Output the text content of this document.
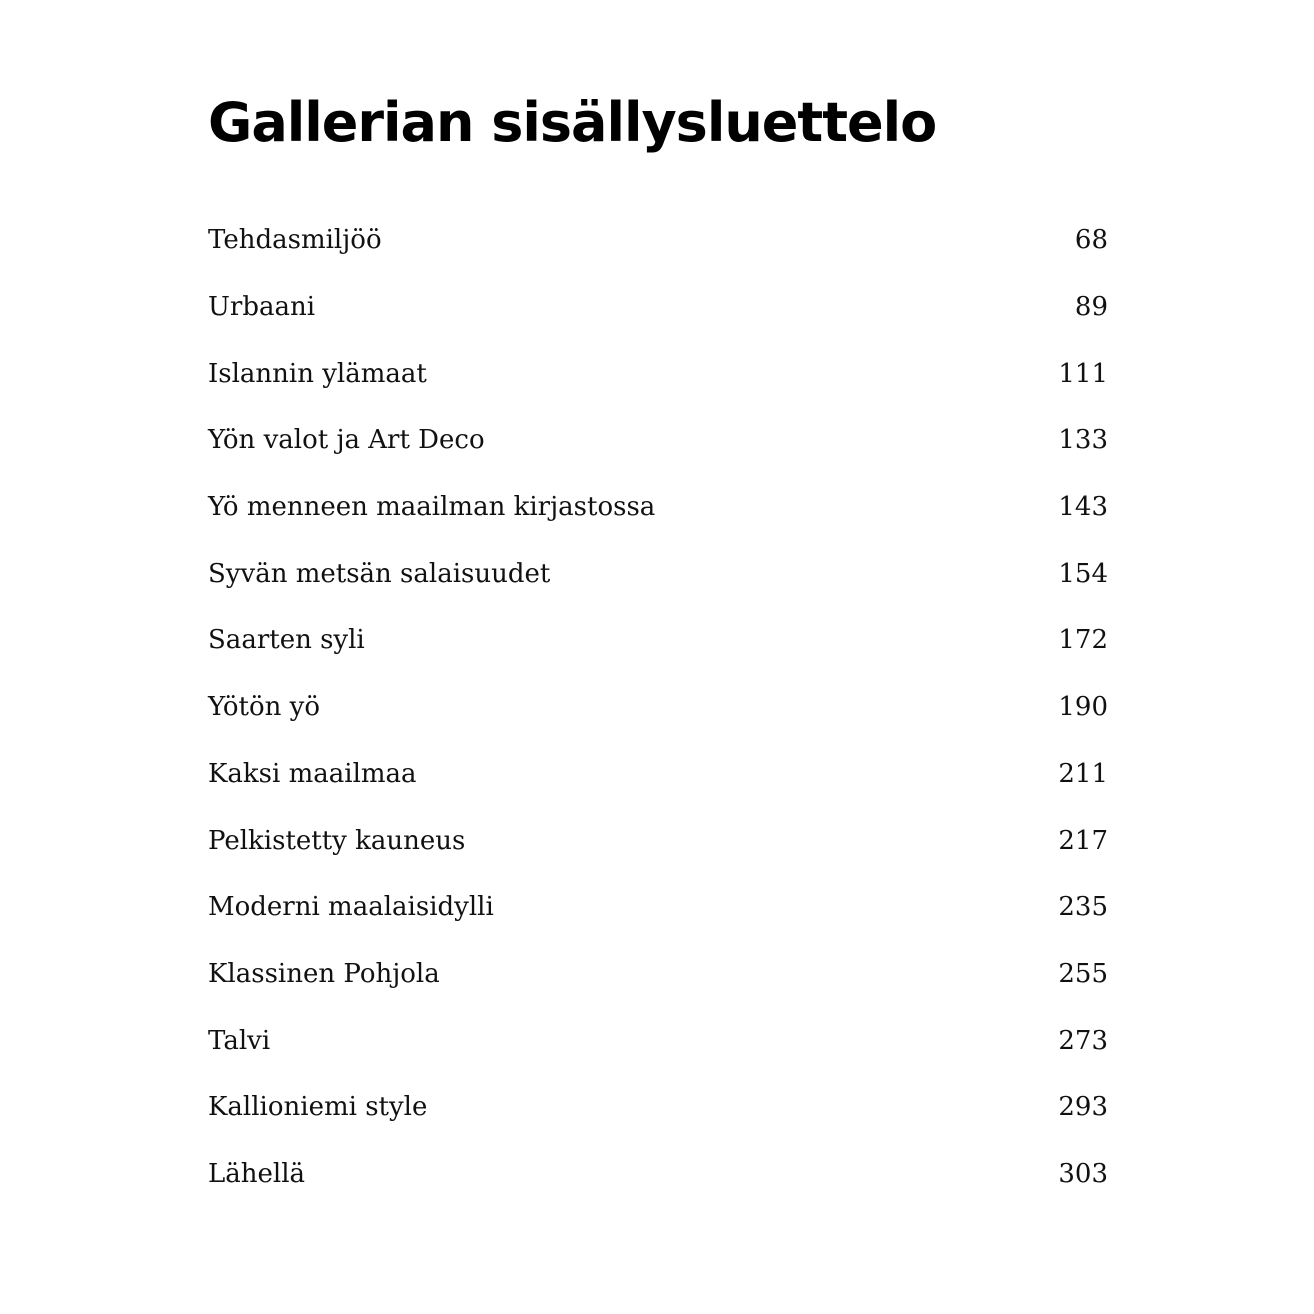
Gallerian sisällysluettelo
Tehdasmiljöö	68
Urbaani	89
Islannin ylämaat	111
Yön valot ja Art Deco	133
Yö menneen maailman kirjastossa	143
Syvän metsän salaisuudet	154
Saarten syli	172
Yötön yö	190
Kaksi maailmaa	211
Pelkistetty kauneus	217
Moderni maalaisidylli	235
Klassinen Pohjola	255
Talvi	273
Kallioniemi style	293
Lähellä	303
